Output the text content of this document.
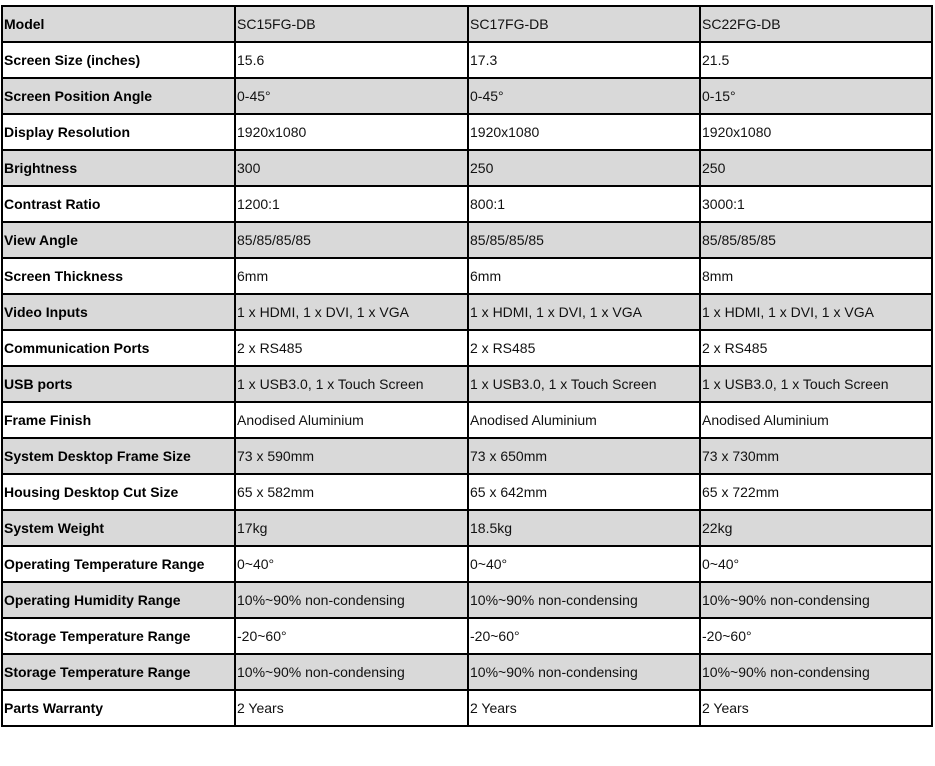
Model	SC15FG-DB	SC17FG-DB	SC22FG-DB
Screen Size (inches)	15.6	17.3	21.5
Screen Position Angle	0-45°	0-45°	0-15°
Display Resolution	1920x1080	1920x1080	1920x1080
Brightness	300	250	250
Contrast Ratio	1200:1	800:1	3000:1
View Angle	85/85/85/85	85/85/85/85	85/85/85/85
Screen Thickness	6mm	6mm	8mm
Video Inputs	1 x HDMI, 1 x DVI, 1 x VGA	1 x HDMI, 1 x DVI, 1 x VGA	1 x HDMI, 1 x DVI, 1 x VGA
Communication Ports	2 x RS485	2 x RS485	2 x RS485
USB ports	1 x USB3.0, 1 x Touch Screen	1 x USB3.0, 1 x Touch Screen	1 x USB3.0, 1 x Touch Screen
Frame Finish	Anodised Aluminium	Anodised Aluminium	Anodised Aluminium
System Desktop Frame Size	73 x 590mm	73 x 650mm	73 x 730mm
Housing Desktop Cut Size	65 x 582mm	65 x 642mm	65 x 722mm
System Weight	17kg	18.5kg	22kg
Operating Temperature Range	0~40°	0~40°	0~40°
Operating Humidity Range	10%~90% non-condensing	10%~90% non-condensing	10%~90% non-condensing
Storage Temperature Range	-20~60°	-20~60°	-20~60°
Storage Temperature Range	10%~90% non-condensing	10%~90% non-condensing	10%~90% non-condensing
Parts Warranty	2 Years	2 Years	2 Years
